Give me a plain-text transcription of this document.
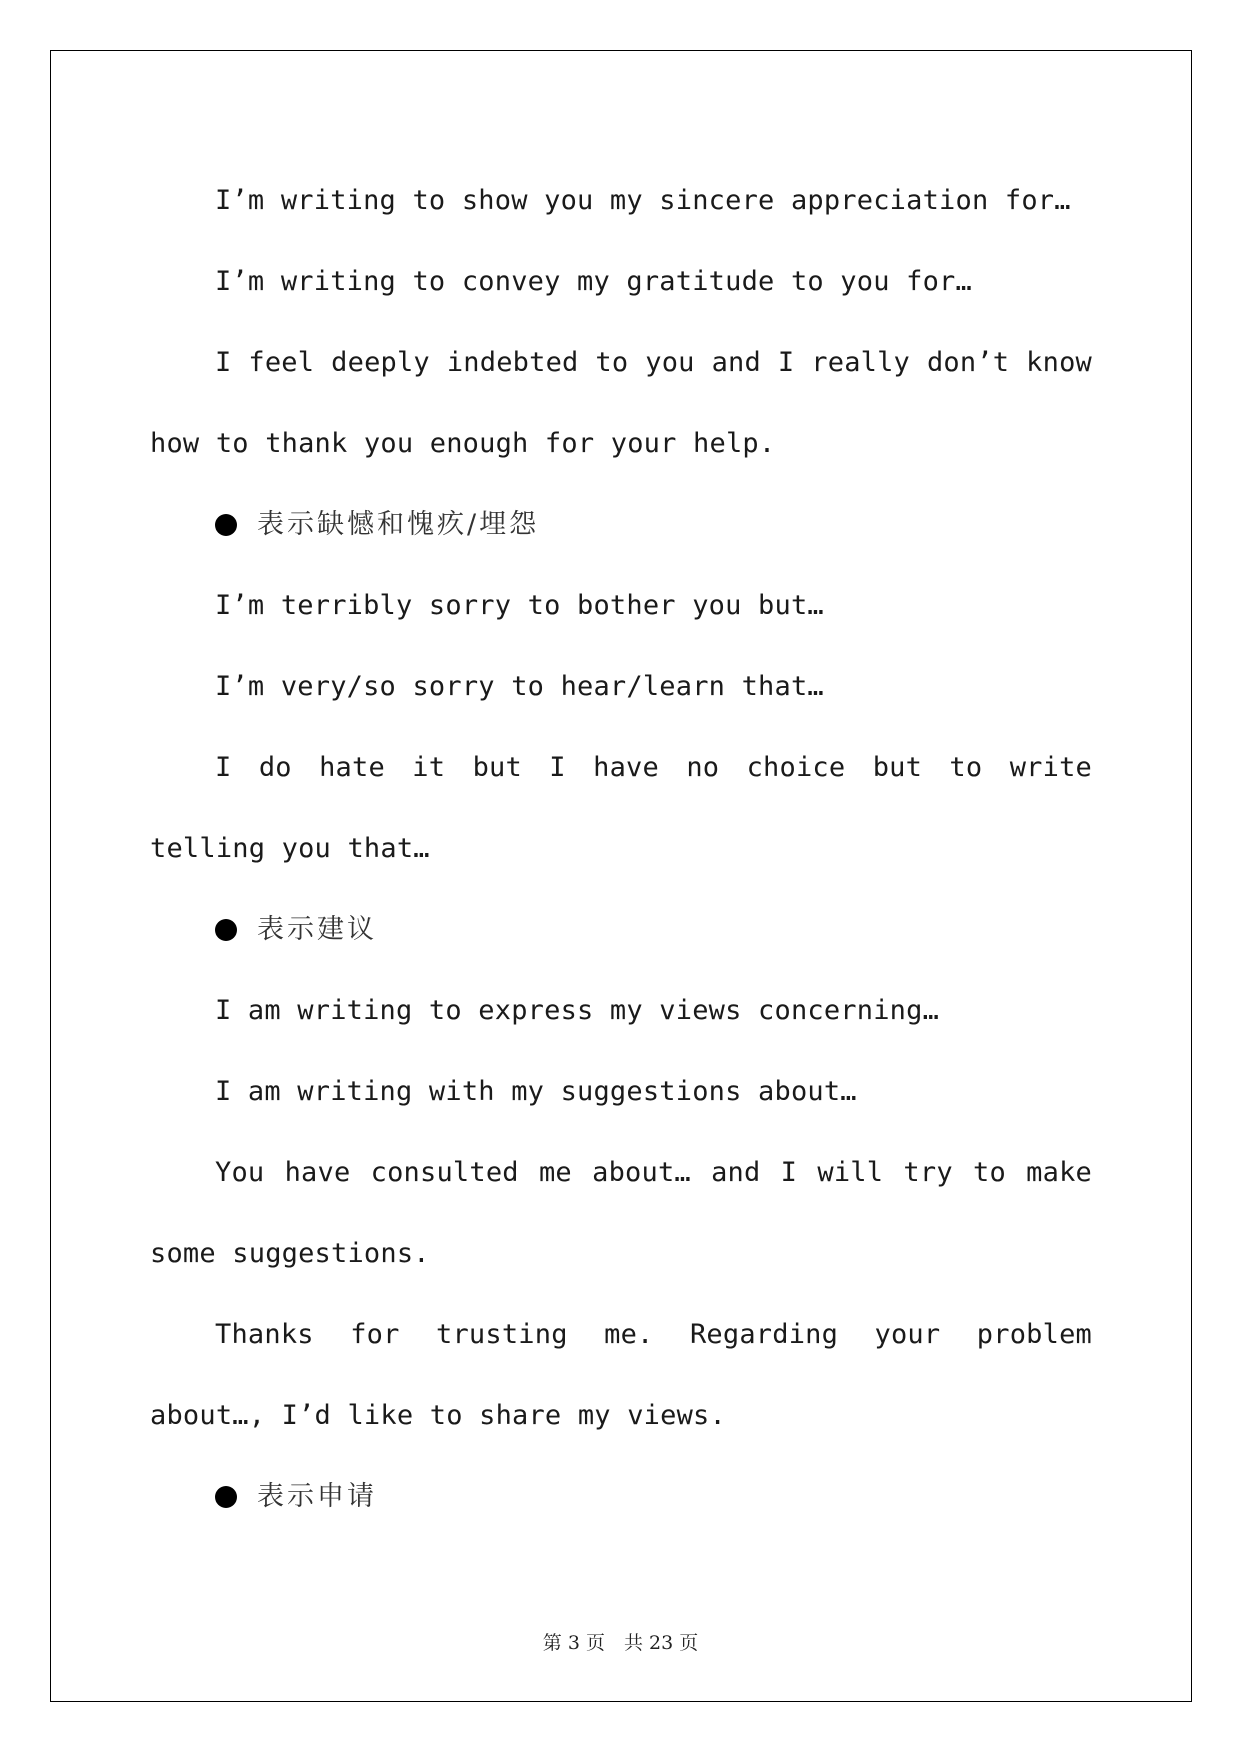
I’m writing to show you my sincere appreciation for…

I’m writing to convey my gratitude to you for…

I feel deeply indebted to you and I really don’t know how to thank you enough for your help.

表示缺憾和愧疚/埋怨

I’m terribly sorry to bother you but…

I’m very/so sorry to hear/learn that…

I do hate it but I have no choice but to write telling you that…

表示建议

I am writing to express my views concerning…

I am writing with my suggestions about…

You have consulted me about… and I will try to make some suggestions.

Thanks for trusting me. Regarding your problem about…, I’d like to share my views.

表示申请
第 3 页　共 23 页
